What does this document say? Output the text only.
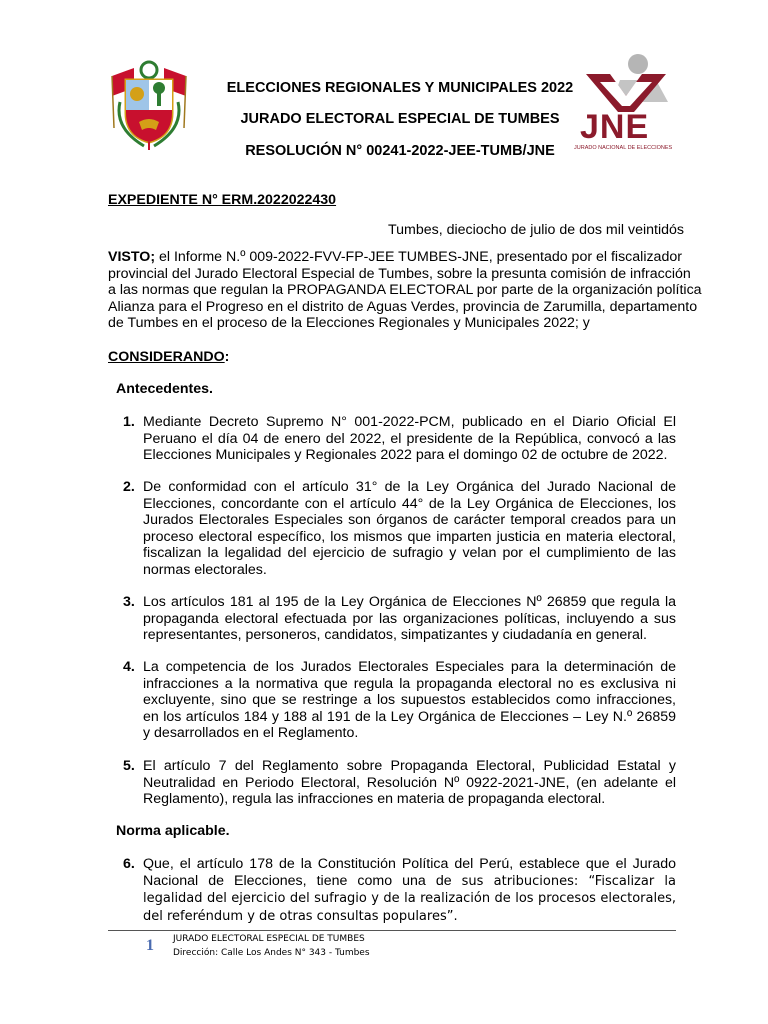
ELECCIONES REGIONALES Y MUNICIPALES 2022
JURADO ELECTORAL ESPECIAL DE TUMBES
RESOLUCIÓN N° 00241-2022-JEE-TUMB/JNE
JNE
JURADO NACIONAL DE ELECCIONES
EXPEDIENTE N° ERM.2022022430
Tumbes, dieciocho de julio de dos mil veintidós
VISTO; el Informe N.º 009-2022-FVV-FP-JEE TUMBES-JNE, presentado por el fiscalizador
provincial del Jurado Electoral Especial de Tumbes, sobre la presunta comisión de infracción
a las normas que regulan la PROPAGANDA ELECTORAL por parte de la organización política
Alianza para el Progreso en el distrito de Aguas Verdes, provincia de Zarumilla, departamento
de Tumbes en el proceso de la Elecciones Regionales y Municipales 2022; y
CONSIDERANDO:
Antecedentes.
1. Mediante Decreto Supremo N° 001-2022-PCM, publicado en el Diario Oficial El Peruano el día 04 de enero del 2022, el presidente de la República, convocó a las Elecciones Municipales y Regionales 2022 para el domingo 02 de octubre de 2022.
2. De conformidad con el artículo 31° de la Ley Orgánica del Jurado Nacional de Elecciones, concordante con el artículo 44° de la Ley Orgánica de Elecciones, los Jurados Electorales Especiales son órganos de carácter temporal creados para un proceso electoral específico, los mismos que imparten justicia en materia electoral, fiscalizan la legalidad del ejercicio de sufragio y velan por el cumplimiento de las normas electorales.
3. Los artículos 181 al 195 de la Ley Orgánica de Elecciones Nº 26859 que regula la propaganda electoral efectuada por las organizaciones políticas, incluyendo a sus representantes, personeros, candidatos, simpatizantes y ciudadanía en general.
4. La competencia de los Jurados Electorales Especiales para la determinación de infracciones a la normativa que regula la propaganda electoral no es exclusiva ni excluyente, sino que se restringe a los supuestos establecidos como infracciones, en los artículos 184 y 188 al 191 de la Ley Orgánica de Elecciones – Ley N.º 26859 y desarrollados en el Reglamento.
5. El artículo 7 del Reglamento sobre Propaganda Electoral, Publicidad Estatal y Neutralidad en Periodo Electoral, Resolución Nº 0922-2021-JNE, (en adelante el Reglamento), regula las infracciones en materia de propaganda electoral.
Norma aplicable.
6. Que, el artículo 178 de la Constitución Política del Perú, establece que el Jurado Nacional de Elecciones, tiene como una de sus atribuciones: “Fiscalizar la legalidad del ejercicio del sufragio y de la realización de los procesos electorales, del referéndum y de otras consultas populares”.
1 JURADO ELECTORAL ESPECIAL DE TUMBES
Dirección: Calle Los Andes N° 343 - Tumbes
